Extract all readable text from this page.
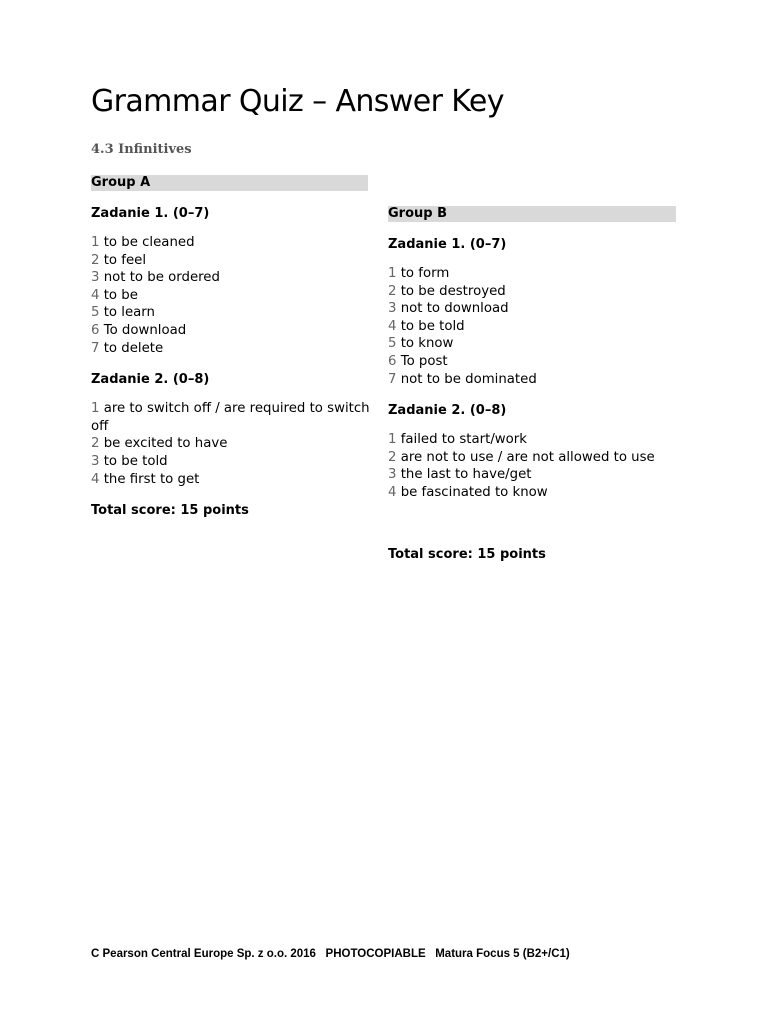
Grammar Quiz – Answer Key
4.3 Infinitives
Group A
Zadanie 1. (0–7)
1 to be cleaned
2 to feel
3 not to be ordered
4 to be
5 to learn
6 To download
7 to delete
Zadanie 2. (0–8)
1 are to switch off / are required to switch off
2 be excited to have
3 to be told
4 the first to get
Total score: 15 points
Group B
Zadanie 1. (0–7)
1 to form
2 to be destroyed
3 not to download
4 to be told
5 to know
6 To post
7 not to be dominated
Zadanie 2. (0–8)
1 failed to start/work
2 are not to use / are not allowed to use
3 the last to have/get
4 be fascinated to know
Total score: 15 points
C Pearson Central Europe Sp. z o.o. 2016   PHOTOCOPIABLE   Matura Focus 5 (B2+/C1)
